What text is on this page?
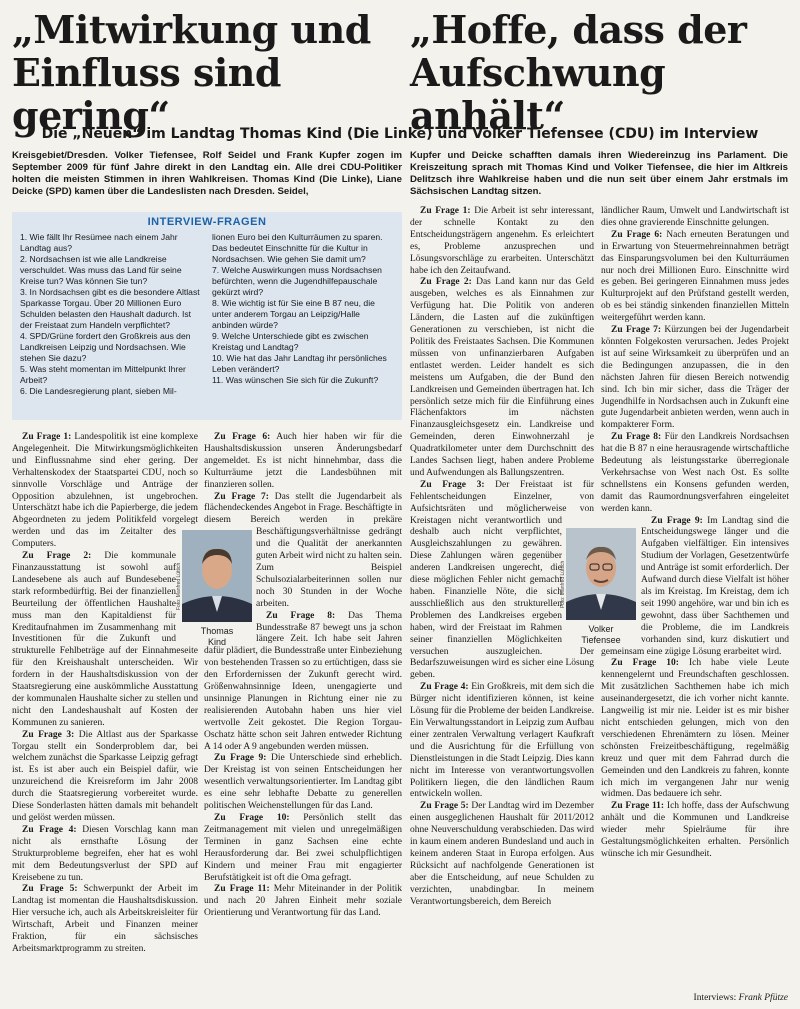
„Mitwirkung und
Einfluss sind gering“
„Hoffe, dass der
Aufschwung anhält“
Die „Neuen“ im Landtag Thomas Kind (Die Linke) und Volker Tiefensee (CDU) im Interview
Kreisgebiet/Dresden. Volker Tiefensee, Rolf Seidel und Frank Kupfer zogen im September 2009 für fünf Jahre direkt in den Landtag ein. Alle drei CDU-Politiker holten die meisten Stimmen in ihren Wahlkreisen. Thomas Kind (Die Linke), Liane Deicke (SPD) kamen über die Landeslisten nach Dresden. Seidel,
Kupfer und Deicke schafften damals ihren Wiedereinzug ins Parlament. Die Kreiszeitung sprach mit Thomas Kind und Volker Tiefensee, die hier im Altkreis Delitzsch ihre Wahlkreise haben und die nun seit über einem Jahr erstmals im Sächsischen Landtag sitzen.
INTERVIEW-FRAGEN
1. Wie fällt Ihr Resümee nach einem Jahr Landtag aus?
2. Nordsachsen ist wie alle Landkreise verschuldet. Was muss das Land für seine Kreise tun? Was können Sie tun?
3. In Nordsachsen gibt es die besondere Altlast Sparkasse Torgau. Über 20 Millionen Euro Schulden belasten den Haushalt dadurch. Ist der Freistaat zum Handeln verpflichtet?
4. SPD/Grüne fordert den Großkreis aus den Landkreisen Leipzig und Nordsachsen. Wie stehen Sie dazu?
5. Was steht momentan im Mittelpunkt Ihrer Arbeit?
6. Die Landesregierung plant, sieben Mil-
lionen Euro bei den Kulturräumen zu sparen. Das bedeutet Einschnitte für die Kultur in Nordsachsen. Wie gehen Sie damit um?
7. Welche Auswirkungen muss Nordsachsen befürchten, wenn die Jugendhilfepauschale gekürzt wird?
8. Wie wichtig ist für Sie eine B 87 neu, die unter anderem Torgau an Leipzig/Halle anbinden würde?
9. Welche Unterschiede gibt es zwischen Kreistag und Landtag?
10. Wie hat das Jahr Landtag ihr persönliches Leben verändert?
11. Was wünschen Sie sich für die Zukunft?

Zu Frage 1: Landespolitik ist eine komplexe Angelegenheit. Die Mitwirkungsmöglichkeiten und Einflussnahme sind eher gering. Der Verhaltenskodex der Staatspartei CDU, noch so sinnvolle Vorschläge und Anträge der Opposition abzulehnen, ist ungebrochen. Unterschätzt habe ich die Papierberge, die jedem Abgeordneten zu jedem Politikfeld vorgelegt werden und das im Zeitalter des Computers.

Zu Frage 2: Die kommunale Finanzausstattung ist sowohl auf Landesebene als auch auf Bundesebene stark reformbedürftig. Bei der finanziellen Beurteilung der öffentlichen Haushalte muss man den Kapitaldienst für Kreditaufnahmen im Zusammenhang mit Investitionen für die Zukunft und strukturelle Fehlbeträge auf der Einnahmeseite für den Kreishaushalt unterscheiden. Wir fordern in der Haushaltsdiskussion von der Staatsregierung eine auskömmliche Ausstattung der kommunalen Haushalte sicher zu stellen und nicht den Landeshaushalt auf Kosten der Kommunen zu sanieren.

Zu Frage 3: Die Altlast aus der Sparkasse Torgau stellt ein Sonderproblem dar, bei welchem zunächst die Sparkasse Leipzig gefragt ist. Es ist aber auch ein Beispiel dafür, wie unzureichend die Kreisreform im Jahr 2008 durch die Staatsregierung vorbereitet wurde. Diese Sonderlasten hätten damals mit behandelt und gelöst werden müssen.

Zu Frage 4: Diesen Vorschlag kann man nicht als ernsthafte Lösung der Strukturprobleme begreifen, eher hat es wohl mit dem Bedeutungsverlust der SPD auf Kreisebene zu tun.

Zu Frage 5: Schwerpunkt der Arbeit im Landtag ist momentan die Haushaltsdiskussion. Hier versuche ich, auch als Arbeitskreisleiter für Wirtschaft, Arbeit und Finanzen meiner Fraktion, für ein sächsisches Arbeitsmarktprogramm zu streiten.

Zu Frage 6: Auch hier haben wir für die Haushaltsdiskussion unseren Änderungsbedarf angemeldet. Es ist nicht hinnehmbar, dass die Kulturräume jetzt die Landesbühnen mit finanzieren sollen.

Zu Frage 7: Das stellt die Jugendarbeit als flächendeckendes Angebot in Frage. Beschäftigte in diesem Bereich werden in prekäre Beschäftigungsverhältnisse gedrängt und die Qualität der anerkannten guten Arbeit wird nicht zu halten sein. Zum Beispiel Schulsozialarbeiterinnen sollen nur noch 30 Stunden in der Woche arbeiten.

Zu Frage 8: Das Thema Bundesstraße 87 bewegt uns ja schon längere Zeit. Ich habe seit Jahren dafür plädiert, die Bundesstraße unter Einbeziehung von bestehenden Trassen so zu ertüchtigen, dass sie den Erfordernissen der Zukunft gerecht wird. Größenwahnsinnige Ideen, unengagierte und unsinnige Planungen in Richtung einer nie zu realisierenden Autobahn haben uns hier viel wertvolle Zeit gekostet. Die Region Torgau-Oschatz hätte schon seit Jahren entweder Richtung A 14 oder A 9 angebunden werden müssen.

Zu Frage 9: Die Unterschiede sind erheblich. Der Kreistag ist von seinen Entscheidungen her wesentlich verwaltungsorientierter. Im Landtag gibt es eine sehr lebhafte Debatte zu generellen politischen Weichenstellungen für das Land.

Zu Frage 10: Persönlich stellt das Zeitmanagement mit vielen und unregelmäßigen Terminen in ganz Sachsen eine echte Herausforderung dar. Bei zwei schulpflichtigen Kindern und meiner Frau mit engagierter Berufstätigkeit ist oft die Oma gefragt.

Zu Frage 11: Mehr Miteinander in der Politik und nach 20 Jahren Einheit mehr soziale Orientierung und Verantwortung für das Land.

Zu Frage 1: Die Arbeit ist sehr interessant, der schnelle Kontakt zu den Entscheidungsträgern angenehm. Es erleichtert es, Probleme anzusprechen und Lösungsvorschläge zu erarbeiten. Unterschätzt habe ich den Zeitaufwand.

Zu Frage 2: Das Land kann nur das Geld ausgeben, welches es als Einnahmen zur Verfügung hat. Die Politik von anderen Ländern, die Lasten auf die zukünftigen Generationen zu verschieben, ist nicht die Politik des Freistaates Sachsen. Die Kommunen müssen von unfinanzierbaren Aufgaben entlastet werden. Leider handelt es sich meistens um Aufgaben, die der Bund den Landkreisen und Gemeinden übertragen hat. Ich persönlich setze mich für die Einführung eines Flächenfaktors im nächsten Finanzausgleichsgesetz ein. Landkreise und Gemeinden, deren Einwohnerzahl je Quadratkilometer unter dem Durchschnitt des Landes Sachsen liegt, haben andere Probleme und Aufwendungen als Ballungszentren.

Zu Frage 3: Der Freistaat ist für Fehlentscheidungen Einzelner, von Aufsichtsräten und möglicherweise von Kreistagen nicht verantwortlich und deshalb auch nicht verpflichtet, Ausgleichszahlungen zu gewähren. Diese Zahlungen wären gegenüber anderen Landkreisen ungerecht, die diese möglichen Fehler nicht gemacht haben. Finanzielle Nöte, die sich ausschließlich aus den strukturellen Problemen des Landkreises ergeben haben, wird der Freistaat im Rahmen seiner finanziellen Möglichkeiten versuchen auszugleichen. Der Bedarfszuweisungen wird es sicher eine Lösung geben.

Zu Frage 4: Ein Großkreis, mit dem sich die Bürger nicht identifizieren können, ist keine Lösung für die Probleme der beiden Landkreise. Ein Verwaltungsstandort in Leipzig zum Aufbau einer zentralen Verwaltung verlagert Kaufkraft und die Ausrichtung für die Erfüllung von Dienstleistungen in die Stadt Leipzig. Dies kann nicht im Interesse von verantwortungsvollen Politikern liegen, die den ländlichen Raum entwickeln wollen.

Zu Frage 5: Der Landtag wird im Dezember einen ausgeglichenen Haushalt für 2011/2012 ohne Neuverschuldung verabschieden. Das wird in kaum einem anderen Bundesland und auch in keinem anderen Staat in Europa erfolgen. Aus Rücksicht auf nachfolgende Generationen ist aber die Entscheidung, auf neue Schulden zu verzichten, unabdingbar. In meinem Verantwortungsbereich, dem Bereich

ländlicher Raum, Umwelt und Landwirtschaft ist dies ohne gravierende Einschnitte gelungen.

Zu Frage 6: Nach erneuten Beratungen und in Erwartung von Steuermehreinnahmen beträgt das Einsparungsvolumen bei den Kulturräumen nur noch drei Millionen Euro. Einschnitte wird es geben. Bei geringeren Einnahmen muss jedes Kulturprojekt auf den Prüfstand gestellt werden, ob es bei ständig sinkenden finanziellen Mitteln weitergeführt werden kann.

Zu Frage 7: Kürzungen bei der Jugendarbeit könnten Folgekosten verursachen. Jedes Projekt ist auf seine Wirksamkeit zu überprüfen und an die Bedingungen anzupassen, die in den nächsten Jahren für diesen Bereich notwendig sind. Ich bin mir sicher, dass die Träger der Jugendhilfe in Nordsachsen auch in Zukunft eine gute Jugendarbeit anbieten werden, wenn auch in kompakterer Form.

Zu Frage 8: Für den Landkreis Nordsachsen hat die B 87 n eine herausragende wirtschaftliche Bedeutung als leistungsstarke überregionale Verkehrsachse von West nach Ost. Es sollte schnellstens ein Konsens gefunden werden, damit das Raumordnungsverfahren eingeleitet werden kann.

Zu Frage 9: Im Landtag sind die Entscheidungswege länger und die Aufgaben vielfältiger. Ein intensives Studium der Vorlagen, Gesetzentwürfe und Anträge ist somit erforderlich. Der Aufwand durch diese Vielfalt ist höher als im Kreistag. Im Kreistag, dem ich seit 1990 angehöre, war und bin ich es gewohnt, dass über Sachthemen und die Probleme, die im Landkreis vorhanden sind, kurz diskutiert und gemeinsam eine zügige Lösung erarbeitet wird.

Zu Frage 10: Ich habe viele Leute kennengelernt und Freundschaften geschlossen. Mit zusätzlichen Sachthemen habe ich mich auseinandergesetzt, die ich vorher nicht kannte. Langweilig ist mir nie. Leider ist es mir bisher nicht entschieden gelungen, mich von den verschiedenen Ehrenämtern zu lösen. Meiner schönsten Freizeitbeschäftigung, regelmäßig kreuz und quer mit dem Fahrrad durch die Gemeinden und den Landkreis zu fahren, konnte ich mich im vergangenen Jahr nur wenig widmen. Das bedauere ich sehr.

Zu Frage 11: Ich hoffe, dass der Aufschwung anhält und die Kommunen und Landkreise wieder mehr Spielräume für ihre Gestaltungsmöglichkeiten erhalten. Persönlich wünsche ich mir Gesundheit.

Foto: Manfred Lüttich
Thomas
Kind
Foto: Manfred Lüttich
Volker
Tiefensee
Interviews: Frank Pfütze
